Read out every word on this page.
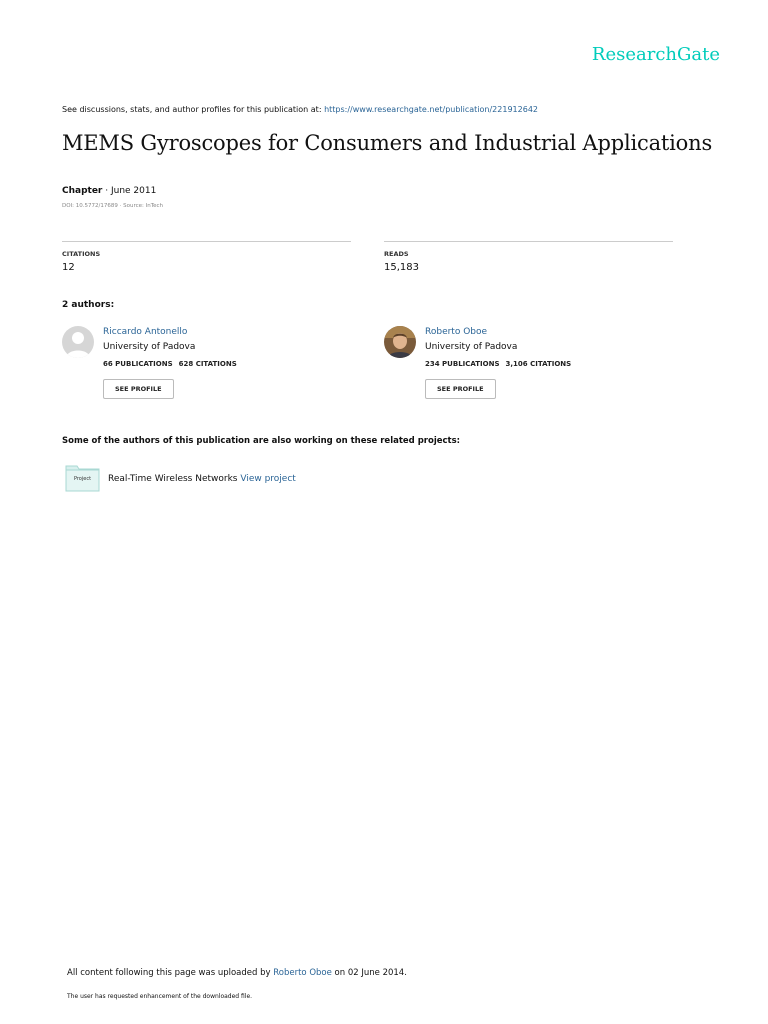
ResearchGate
See discussions, stats, and author profiles for this publication at: https://www.researchgate.net/publication/221912642
MEMS Gyroscopes for Consumers and Industrial Applications
Chapter · June 2011
DOI: 10.5772/17689 · Source: InTech
CITATIONS
12
READS
15,183
2 authors:
Riccardo Antonello
University of Padova
66 PUBLICATIONS 628 CITATIONS
SEE PROFILE
Roberto Oboe
University of Padova
234 PUBLICATIONS 3,106 CITATIONS
SEE PROFILE
Some of the authors of this publication are also working on these related projects:
Project	Real-Time Wireless Networks View project
All content following this page was uploaded by Roberto Oboe on 02 June 2014.
The user has requested enhancement of the downloaded file.
